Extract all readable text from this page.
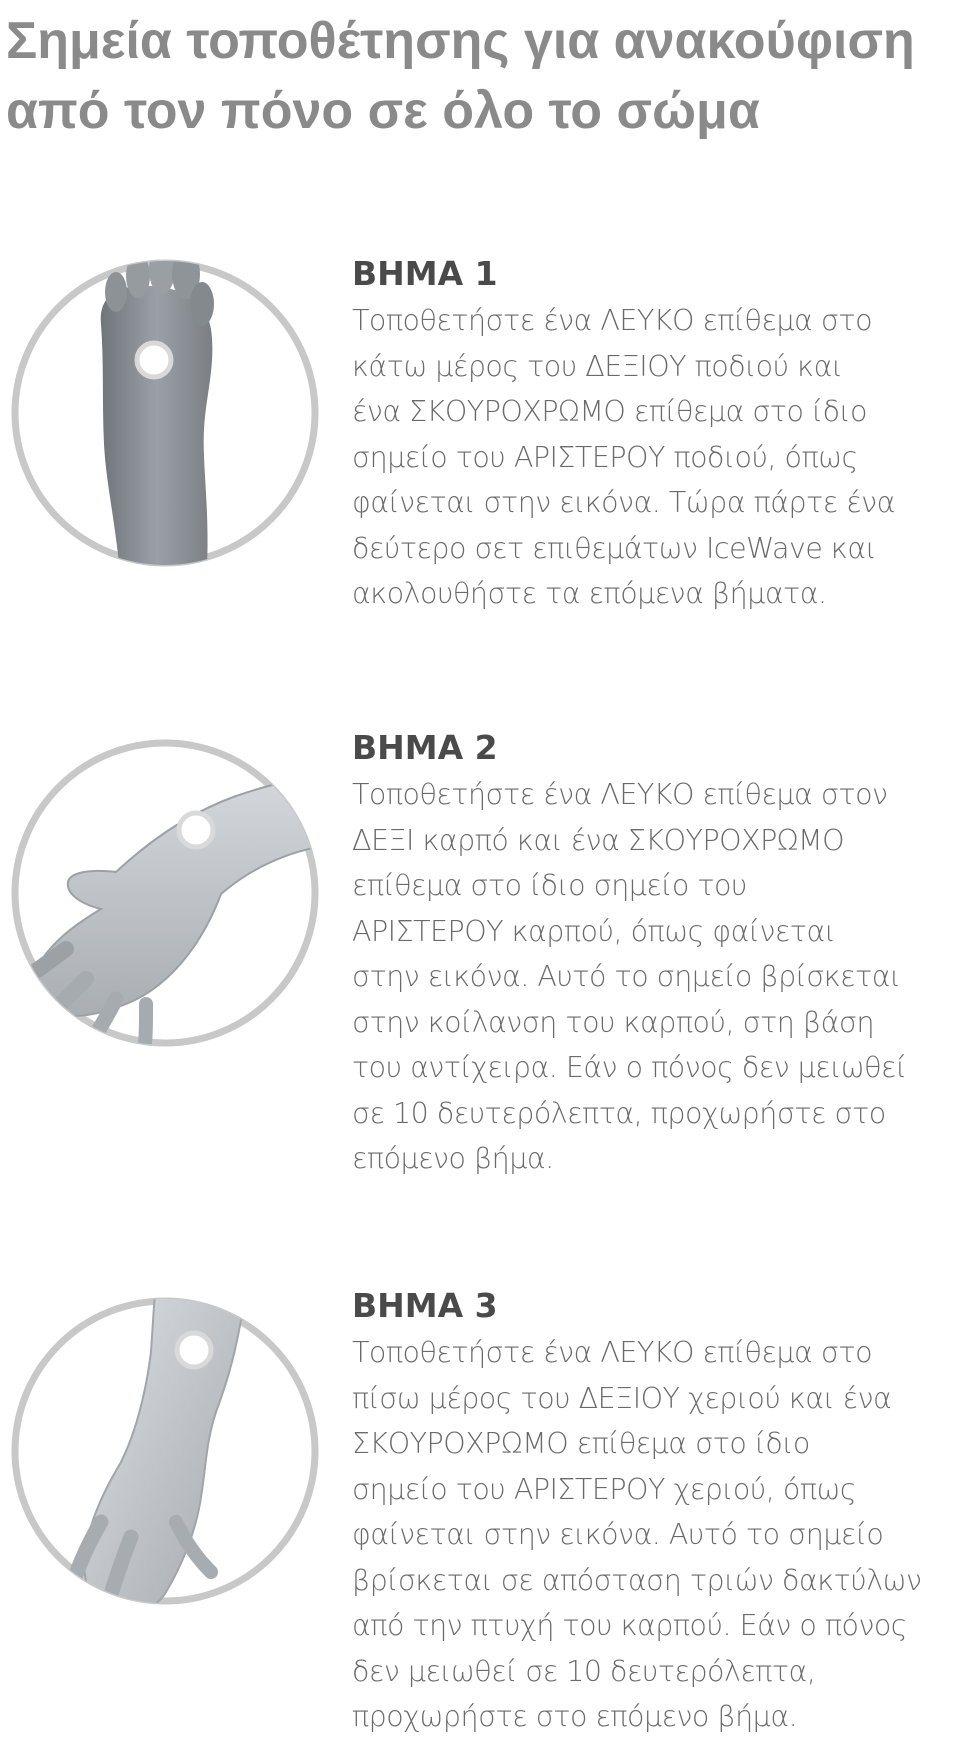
Σημεία τοποθέτησης για ανακούφιση
από τον πόνο σε όλο το σώμα
ΒΗΜΑ 1

Τοποθετήστε ένα ΛΕΥΚΟ επίθεμα στο
κάτω μέρος του ΔΕΞΙΟΥ ποδιού και
ένα ΣΚΟΥΡΟΧΡΩΜΟ επίθεμα στο ίδιο
σημείο του ΑΡΙΣΤΕΡΟΥ ποδιού, όπως
φαίνεται στην εικόνα. Τώρα πάρτε ένα
δεύτερο σετ επιθεμάτων IceWave και
ακολουθήστε τα επόμενα βήματα.

ΒΗΜΑ 2

Τοποθετήστε ένα ΛΕΥΚΟ επίθεμα στον
ΔΕΞΙ καρπό και ένα ΣΚΟΥΡΟΧΡΩΜΟ
επίθεμα στο ίδιο σημείο του
ΑΡΙΣΤΕΡΟΥ καρπού, όπως φαίνεται
στην εικόνα. Αυτό το σημείο βρίσκεται
στην κοίλανση του καρπού, στη βάση
του αντίχειρα. Εάν ο πόνος δεν μειωθεί
σε 10 δευτερόλεπτα, προχωρήστε στο
επόμενο βήμα.

ΒΗΜΑ 3

Τοποθετήστε ένα ΛΕΥΚΟ επίθεμα στο
πίσω μέρος του ΔΕΞΙΟΥ χεριού και ένα
ΣΚΟΥΡΟΧΡΩΜΟ επίθεμα στο ίδιο
σημείο του ΑΡΙΣΤΕΡΟΥ χεριού, όπως
φαίνεται στην εικόνα. Αυτό το σημείο
βρίσκεται σε απόσταση τριών δακτύλων
από την πτυχή του καρπού. Εάν ο πόνος
δεν μειωθεί σε 10 δευτερόλεπτα,
προχωρήστε στο επόμενο βήμα.
